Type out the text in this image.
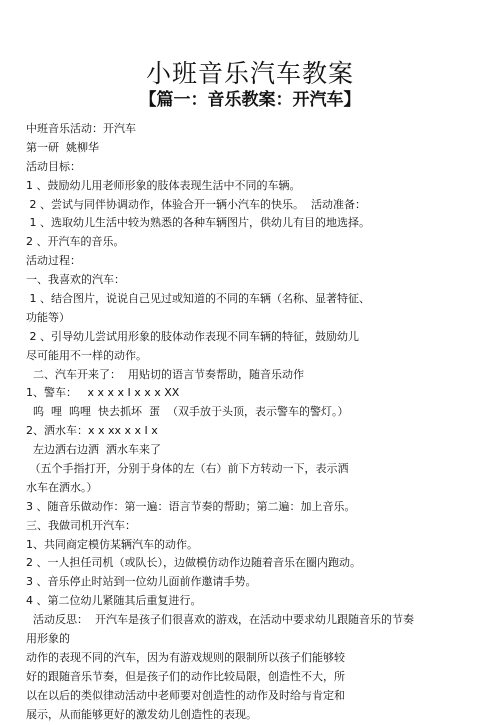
小班音乐汽车教案
【篇一：音乐教案：开汽车】
中班音乐活动：开汽车
第一研  姚柳华
活动目标：
1 、鼓励幼儿用老师形象的肢体表现生活中不同的车辆。
2 、尝试与同伴协调动作，体验合开一辆小汽车的快乐。  活动准备：
1 、选取幼儿生活中较为熟悉的各种车辆图片，供幼儿有目的地选择。
2 、开汽车的音乐。
活动过程：
一、我喜欢的汽车：
1 、结合图片，说说自己见过或知道的不同的车辆（名称、显著特征、
功能等）
2 、引导幼儿尝试用形象的肢体动作表现不同车辆的特征，鼓励幼儿
尽可能用不一样的动作。
二、汽车开来了：  用贴切的语言节奏帮助，随音乐动作
1、警车：   x x x x I x x x XX
呜  哩  呜哩  快去抓坏  蛋  （双手放于头顶，表示警车的警灯。）
2、洒水车：x x xx x x I x
左边洒右边洒  洒水车来了
（五个手指打开，分别于身体的左（右）前下方转动一下，表示洒
水车在洒水。）
3 、随音乐做动作：第一遍：语言节奏的帮助；第二遍：加上音乐。
三、我做司机开汽车：
1、共同商定模仿某辆汽车的动作。
2 、一人担任司机（或队长），边做模仿动作边随着音乐在圈内跑动。
3 、音乐停止时站到一位幼儿面前作邀请手势。
4 、第二位幼儿紧随其后重复进行。
活动反思：  开汽车是孩子们很喜欢的游戏，在活动中要求幼儿跟随音乐的节奏
用形象的
动作的表现不同的汽车，因为有游戏规则的限制所以孩子们能够较
好的跟随音乐节奏，但是孩子们的动作比较局限，创造性不大，所
以在以后的类似律动活动中老师要对创造性的动作及时给与肯定和
展示，从而能够更好的激发幼儿创造性的表现。
